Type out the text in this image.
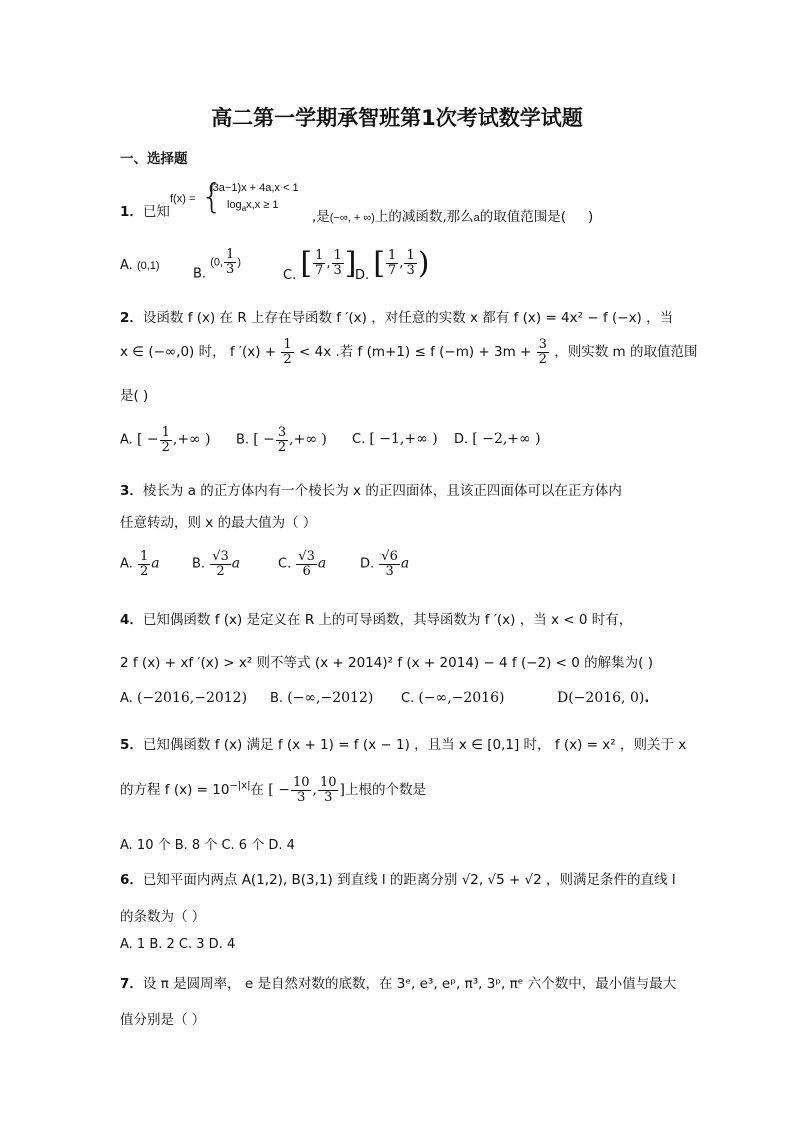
高二第一学期承智班第1次考试数学试题
一、选择题
1．已知
f(x) = {
(3a−1)x + 4a,x < 1
$\log_ax,x \ge 1$
,是(−∞, + ∞)上的减函数,那么a的取值范围是( )
A. (0,1)
B. (0, $\frac{1}{3}$ )
C. [ $\frac{1}{7}$ , $\frac{1}{3}$ ]
D. [ $\frac{1}{7}$ , $\frac{1}{3}$ )
2．设函数 f (x) 在 R 上存在导函数 f ′(x) ，对任意的实数 x 都有 f (x) = 4x² − f (−x) ，当
x ∈ (−∞,0) 时， f $'(x) + \frac{1}{2} < 4x$ .若 f (m+1) ≤ f $(-m) + 3m + \frac{3}{2}$ ，则实数 m 的取值范围
是( )
A. [ − $\frac{1}{2}$ ,+∞ ) B. [ − $\frac{3}{2}$ ,+∞ ) C. [ −1,+∞ ) D. [ −2,+∞ )
3．棱长为 a 的正方体内有一个棱长为 x 的正四面体，且该正四面体可以在正方体内
任意转动，则 x 的最大值为（ ）
A. $\frac{1}{2}$ a B. $\frac{√3}{2}$ a	C. $\frac{√3}{6}$ a	D. $\frac{√6}{3}$ a
4．已知偶函数 f (x) 是定义在 R 上的可导函数，其导函数为 f ′(x) ，当 x < 0 时有，
2 f (x) + xf ′(x) > x² 则不等式 (x + 2014)² f (x + 2014) − 4 f (−2) < 0 的解集为( )
A. (−2016,−2012) B. (−∞,−2012) C. (−∞,−2016)	D(−2016, 0).
5．已知偶函数 f (x) 满足 f (x + 1) = f (x − 1) ，且当 x ∈ [0,1] 时， f (x) = x² ，则关于 x
的方程 f $(x) = 10^{-|x|}$在 [ − $\frac{10}{3}$ , $\frac{10}{3}$ ]上根的个数是
A. 10 个 B. 8 个 C. 6 个 D. 4
6．已知平面内两点 A(1,2), B(3,1) 到直线 l 的距离分别 √2, √5 + √2 ，则满足条件的直线 l
的条数为（ ）
A. 1 B. 2 C. 3 D. 4
7．设 π 是圆周率， e 是自然对数的底数，在 3ᵉ, e³, eᵖ, π³, 3ᵖ, πᵉ 六个数中，最小值与最大
值分别是（ ）
